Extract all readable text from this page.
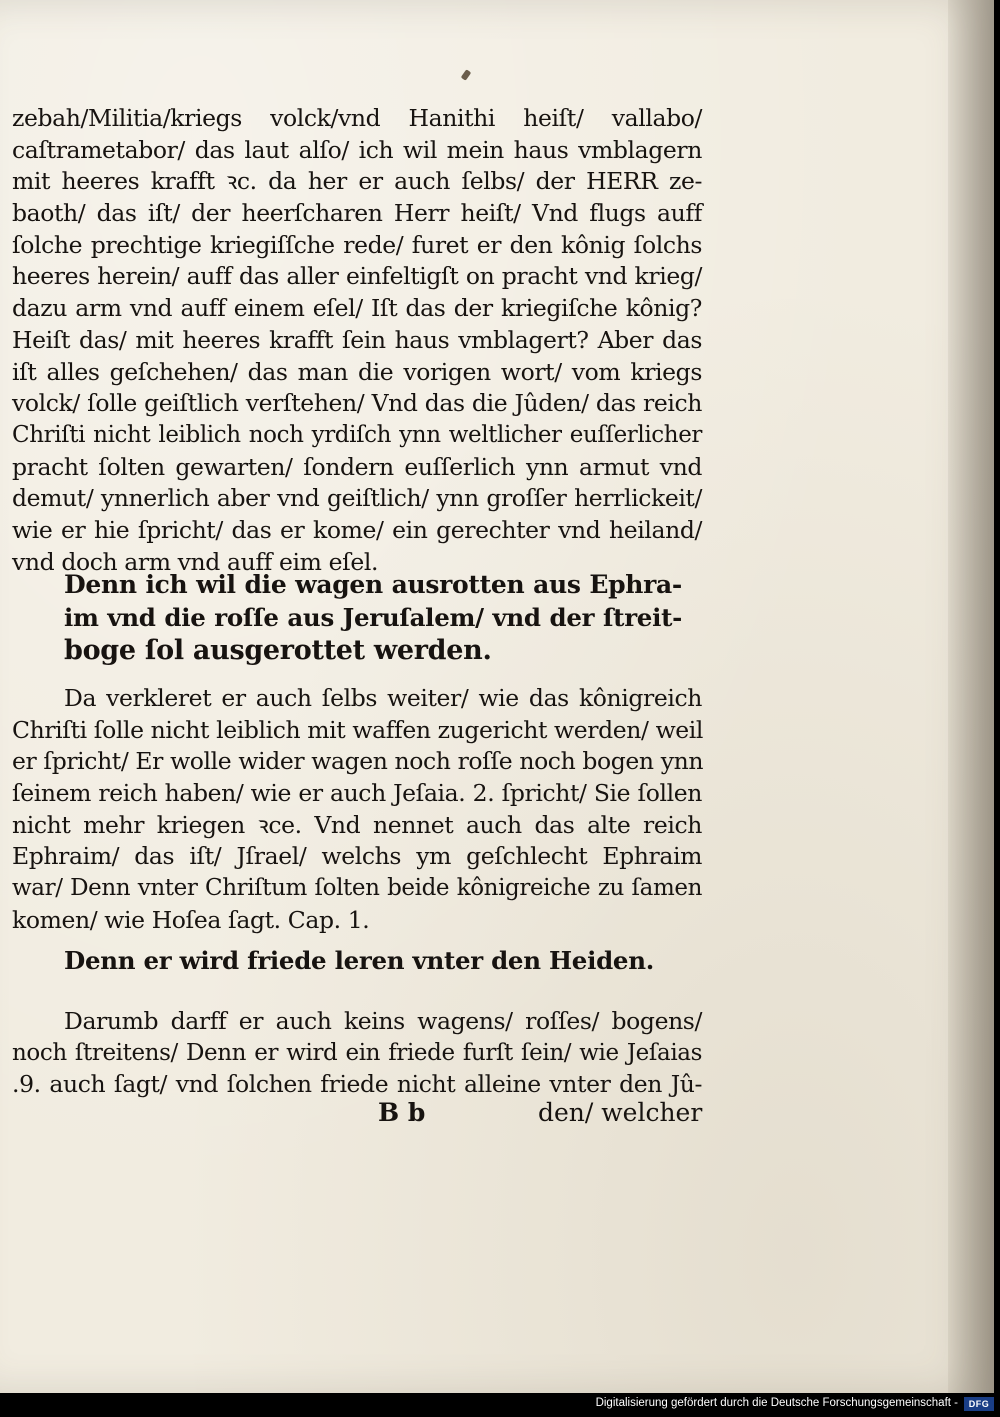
zebah/Militia/kriegs volck/vnd Hanithi heiſt/ vallabo/
caſtrametabor/ das laut alſo/ ich wil mein haus vmblagern
mit heeres krafft ꝛc. da her er auch ſelbs/ der HERR ze-
baoth/ das iſt/ der heerſcharen Herr heiſt/ Vnd flugs auff
ſolche prechtige kriegiſſche rede/ furet er den kônig ſolchs
heeres herein/ auff das aller einfeltigſt on pracht vnd krieg/
dazu arm vnd auff einem eſel/ Iſt das der kriegiſche kônig?
Heiſt das/ mit heeres krafft ſein haus vmblagert? Aber das
iſt alles geſchehen/ das man die vorigen wort/ vom kriegs
volck/ ſolle geiſtlich verſtehen/ Vnd das die Jûden/ das reich
Chriſti nicht leiblich noch yrdiſch ynn weltlicher euſſerlicher
pracht ſolten gewarten/ ſondern euſſerlich ynn armut vnd
demut/ ynnerlich aber vnd geiſtlich/ ynn groſſer herrlickeit/
wie er hie ſpricht/ das er kome/ ein gerechter vnd heiland/
vnd doch arm vnd auff eim eſel.
Denn ich wil die wagen ausrotten aus Ephra-
im vnd die roſſe aus Jeruſalem/ vnd der ſtreit-
boge ſol ausgerottet werden.
Da verkleret er auch ſelbs weiter/ wie das kônigreich
Chriſti ſolle nicht leiblich mit waffen zugericht werden/ weil
er ſpricht/ Er wolle wider wagen noch roſſe noch bogen ynn
ſeinem reich haben/ wie er auch Jeſaia. 2. ſpricht/ Sie ſollen
nicht mehr kriegen ꝛce. Vnd nennet auch das alte reich
Ephraim/ das iſt/ Jſrael/ welchs ym geſchlecht Ephraim
war/ Denn vnter Chriſtum ſolten beide kônigreiche zu ſamen
komen/ wie Hoſea ſagt. Cap. 1.
Denn er wird friede leren vnter den Heiden.
Darumb darff er auch keins wagens/ roſſes/ bogens/
noch ſtreitens/ Denn er wird ein friede furſt ſein/ wie Jeſaias
.9. auch ſagt/ vnd ſolchen friede nicht alleine vnter den Jû-
B b	den/ welcher
Digitalisierung gefördert durch die Deutsche Forschungsgemeinschaft -	DFG
